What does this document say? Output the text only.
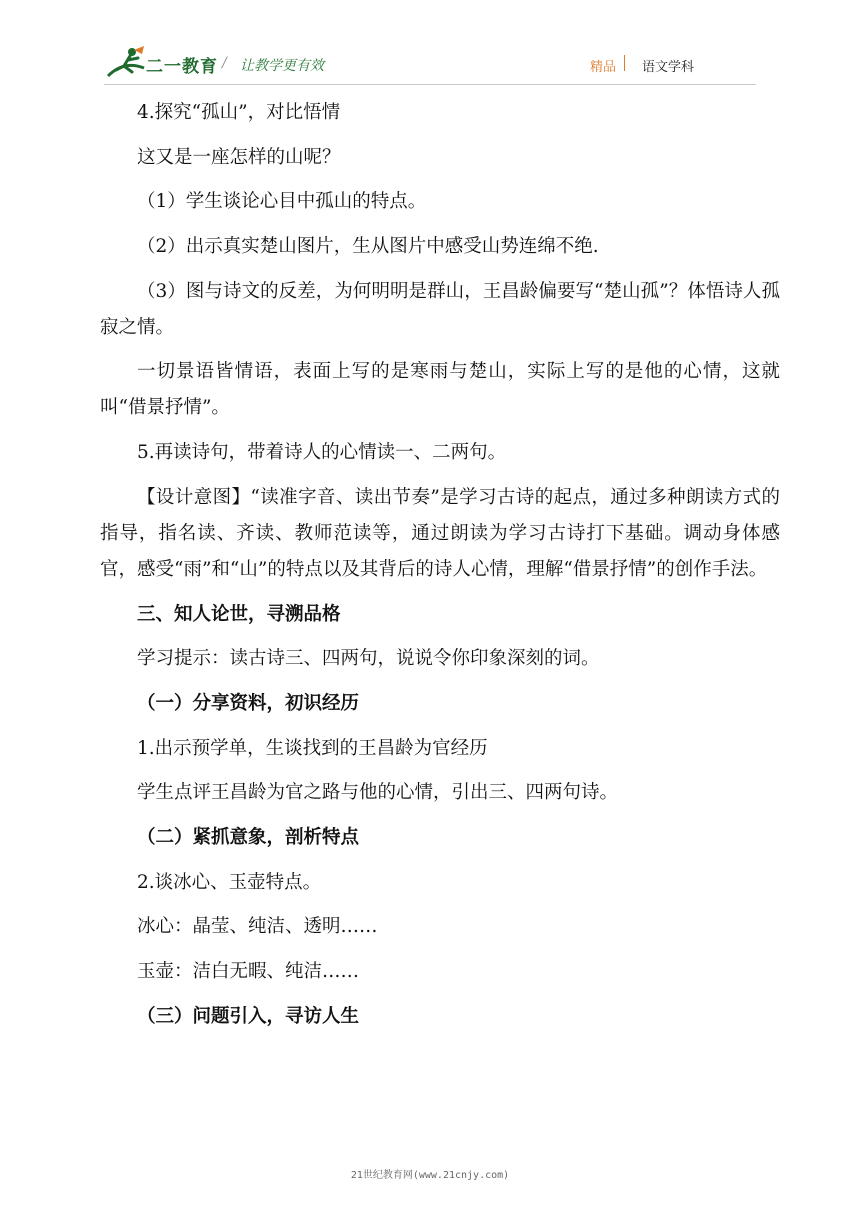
二一教育 / 让教学更有效	精品 语文学科

4.探究“孤山”，对比悟情

这又是一座怎样的山呢？

（1）学生谈论心目中孤山的特点。

（2）出示真实楚山图片，生从图片中感受山势连绵不绝.

（3）图与诗文的反差，为何明明是群山，王昌龄偏要写“楚山孤”？体悟诗人孤寂之情。

一切景语皆情语，表面上写的是寒雨与楚山，实际上写的是他的心情，这就叫“借景抒情”。

5.再读诗句，带着诗人的心情读一、二两句。

【设计意图】“读准字音、读出节奏”是学习古诗的起点，通过多种朗读方式的指导，指名读、齐读、教师范读等，通过朗读为学习古诗打下基础。调动身体感官，感受“雨”和“山”的特点以及其背后的诗人心情，理解“借景抒情”的创作手法。

三、知人论世，寻溯品格

学习提示：读古诗三、四两句，说说令你印象深刻的词。

（一）分享资料，初识经历

1.出示预学单，生谈找到的王昌龄为官经历

学生点评王昌龄为官之路与他的心情，引出三、四两句诗。

（二）紧抓意象，剖析特点

2.谈冰心、玉壶特点。

冰心：晶莹、纯洁、透明……

玉壶：洁白无暇、纯洁……

（三）问题引入，寻访人生

21世纪教育网(www.21cnjy.com)
